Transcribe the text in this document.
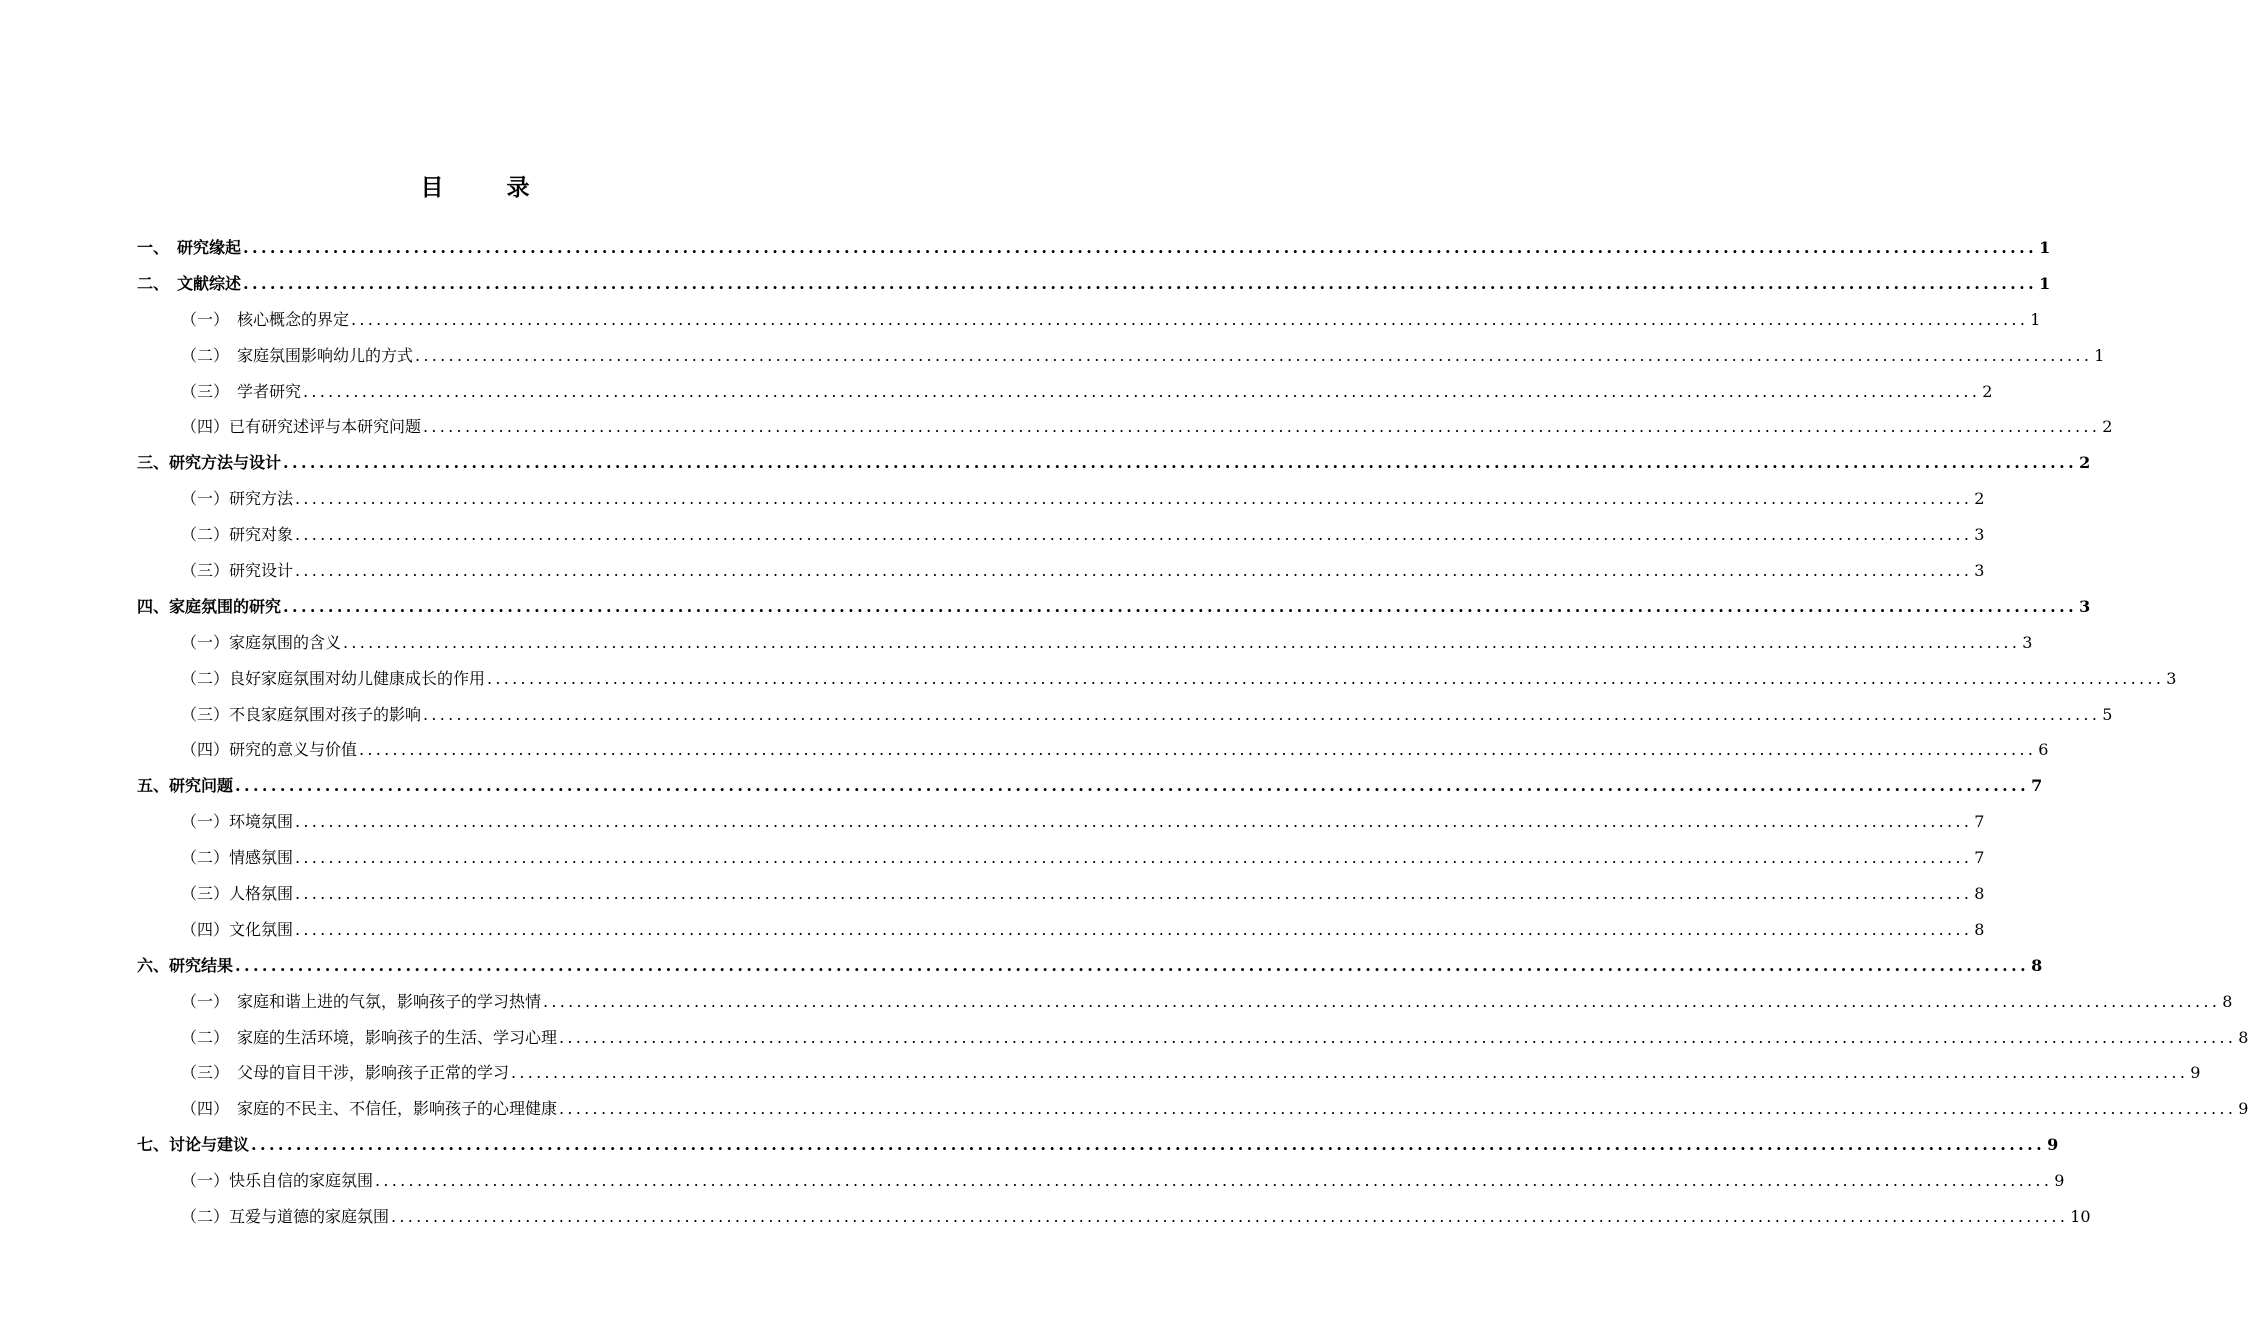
目　录
一、　研究缘起 ........................................................................................................................................................................................................ 1
二、　文献综述 ........................................................................................................................................................................................................ 1
（一）　核心概念的界定 ........................................................................................................................................................................................................ 1
（二）　家庭氛围影响幼儿的方式 ........................................................................................................................................................................................................ 1
（三）　学者研究 ........................................................................................................................................................................................................ 2
（四）已有研究述评与本研究问题 ........................................................................................................................................................................................................ 2
三、研究方法与设计 ........................................................................................................................................................................................................ 2
（一）研究方法 ........................................................................................................................................................................................................ 2
（二）研究对象 ........................................................................................................................................................................................................ 3
（三）研究设计 ........................................................................................................................................................................................................ 3
四、家庭氛围的研究 ........................................................................................................................................................................................................ 3
（一）家庭氛围的含义 ........................................................................................................................................................................................................ 3
（二）良好家庭氛围对幼儿健康成长的作用 ........................................................................................................................................................................................................ 3
（三）不良家庭氛围对孩子的影响 ........................................................................................................................................................................................................ 5
（四）研究的意义与价值 ........................................................................................................................................................................................................ 6
五、研究问题 ........................................................................................................................................................................................................ 7
（一）环境氛围 ........................................................................................................................................................................................................ 7
（二）情感氛围 ........................................................................................................................................................................................................ 7
（三）人格氛围 ........................................................................................................................................................................................................ 8
（四）文化氛围 ........................................................................................................................................................................................................ 8
六、研究结果 ........................................................................................................................................................................................................ 8
（一）　家庭和谐上进的气氛，影响孩子的学习热情 ........................................................................................................................................................................................................ 8
（二）　家庭的生活环境，影响孩子的生活、学习心理 ........................................................................................................................................................................................................ 8
（三）　父母的盲目干涉，影响孩子正常的学习 ........................................................................................................................................................................................................ 9
（四）　家庭的不民主、不信任，影响孩子的心理健康 ........................................................................................................................................................................................................ 9
七、讨论与建议 ........................................................................................................................................................................................................ 9
（一）快乐自信的家庭氛围 ........................................................................................................................................................................................................ 9
（二）互爱与道德的家庭氛围 ........................................................................................................................................................................................................ 10
